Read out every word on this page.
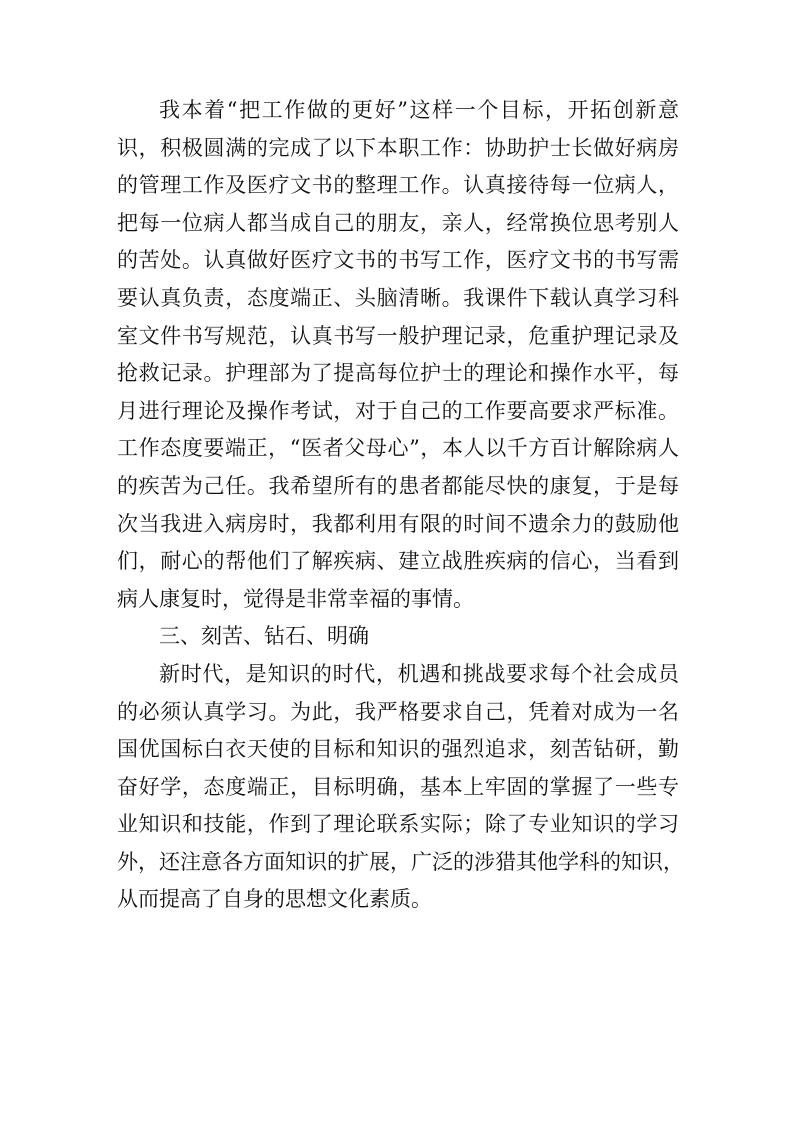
我本着“把工作做的更好”这样一个目标，开拓创新意
识，积极圆满的完成了以下本职工作：协助护士长做好病房
的管理工作及医疗文书的整理工作。认真接待每一位病人，
把每一位病人都当成自己的朋友，亲人，经常换位思考别人
的苦处。认真做好医疗文书的书写工作，医疗文书的书写需
要认真负责，态度端正、头脑清晰。我课件下载认真学习科
室文件书写规范，认真书写一般护理记录，危重护理记录及
抢救记录。护理部为了提高每位护士的理论和操作水平，每
月进行理论及操作考试，对于自己的工作要高要求严标准。
工作态度要端正，“医者父母心”，本人以千方百计解除病人
的疾苦为己任。我希望所有的患者都能尽快的康复，于是每
次当我进入病房时，我都利用有限的时间不遗余力的鼓励他
们，耐心的帮他们了解疾病、建立战胜疾病的信心，当看到
病人康复时，觉得是非常幸福的事情。
三、刻苦、钻石、明确
新时代，是知识的时代，机遇和挑战要求每个社会成员
的必须认真学习。为此，我严格要求自己，凭着对成为一名
国优国标白衣天使的目标和知识的强烈追求，刻苦钻研，勤
奋好学，态度端正，目标明确，基本上牢固的掌握了一些专
业知识和技能，作到了理论联系实际；除了专业知识的学习
外，还注意各方面知识的扩展，广泛的涉猎其他学科的知识，
从而提高了自身的思想文化素质。
